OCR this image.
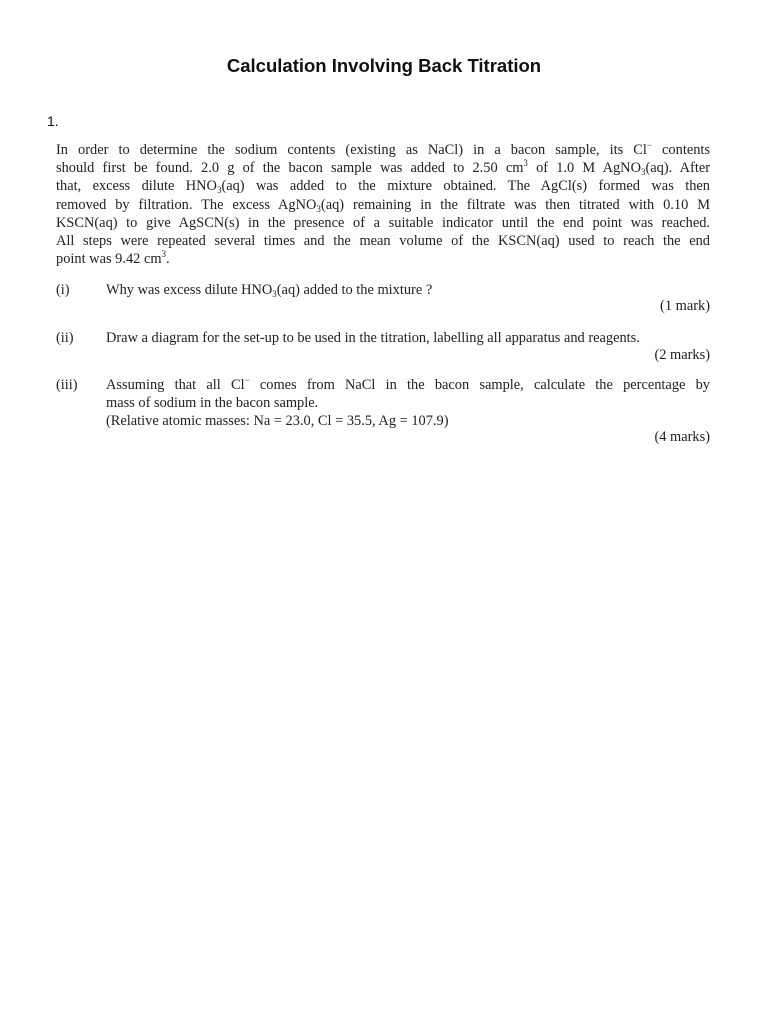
Calculation Involving Back Titration
1.
In order to determine the sodium contents (existing as NaCl) in a bacon sample, its Cl− contents
should first be found. 2.0 g of the bacon sample was added to 2.50 $cm^3$ of 1.0 M AgNO$_3$(aq). After
that, excess dilute $HNO_3(aq)$ was added to the mixture obtained. The AgCl(s) formed was then
removed by filtration. The excess AgNO$_3$(aq) remaining in the filtrate was then titrated with 0.10 M
KSCN(aq) to give AgSCN(s) in the presence of a suitable indicator until the end point was reached.
All steps were repeated several times and the mean volume of the KSCN(aq) used to reach the end
point was 9.42 $cm^3$.
(i)	Why was excess dilute $HNO_3(aq)$ added to the mixture ?
(1 mark)
(ii) Draw a diagram for the set-up to be used in the titration, labelling all apparatus and reagents.
(2 marks)
(iii) Assuming that all Cl− comes from NaCl in the bacon sample, calculate the percentage by
mass of sodium in the bacon sample.
(Relative atomic masses: Na = 23.0, Cl = 35.5, Ag = 107.9)
(4 marks)
